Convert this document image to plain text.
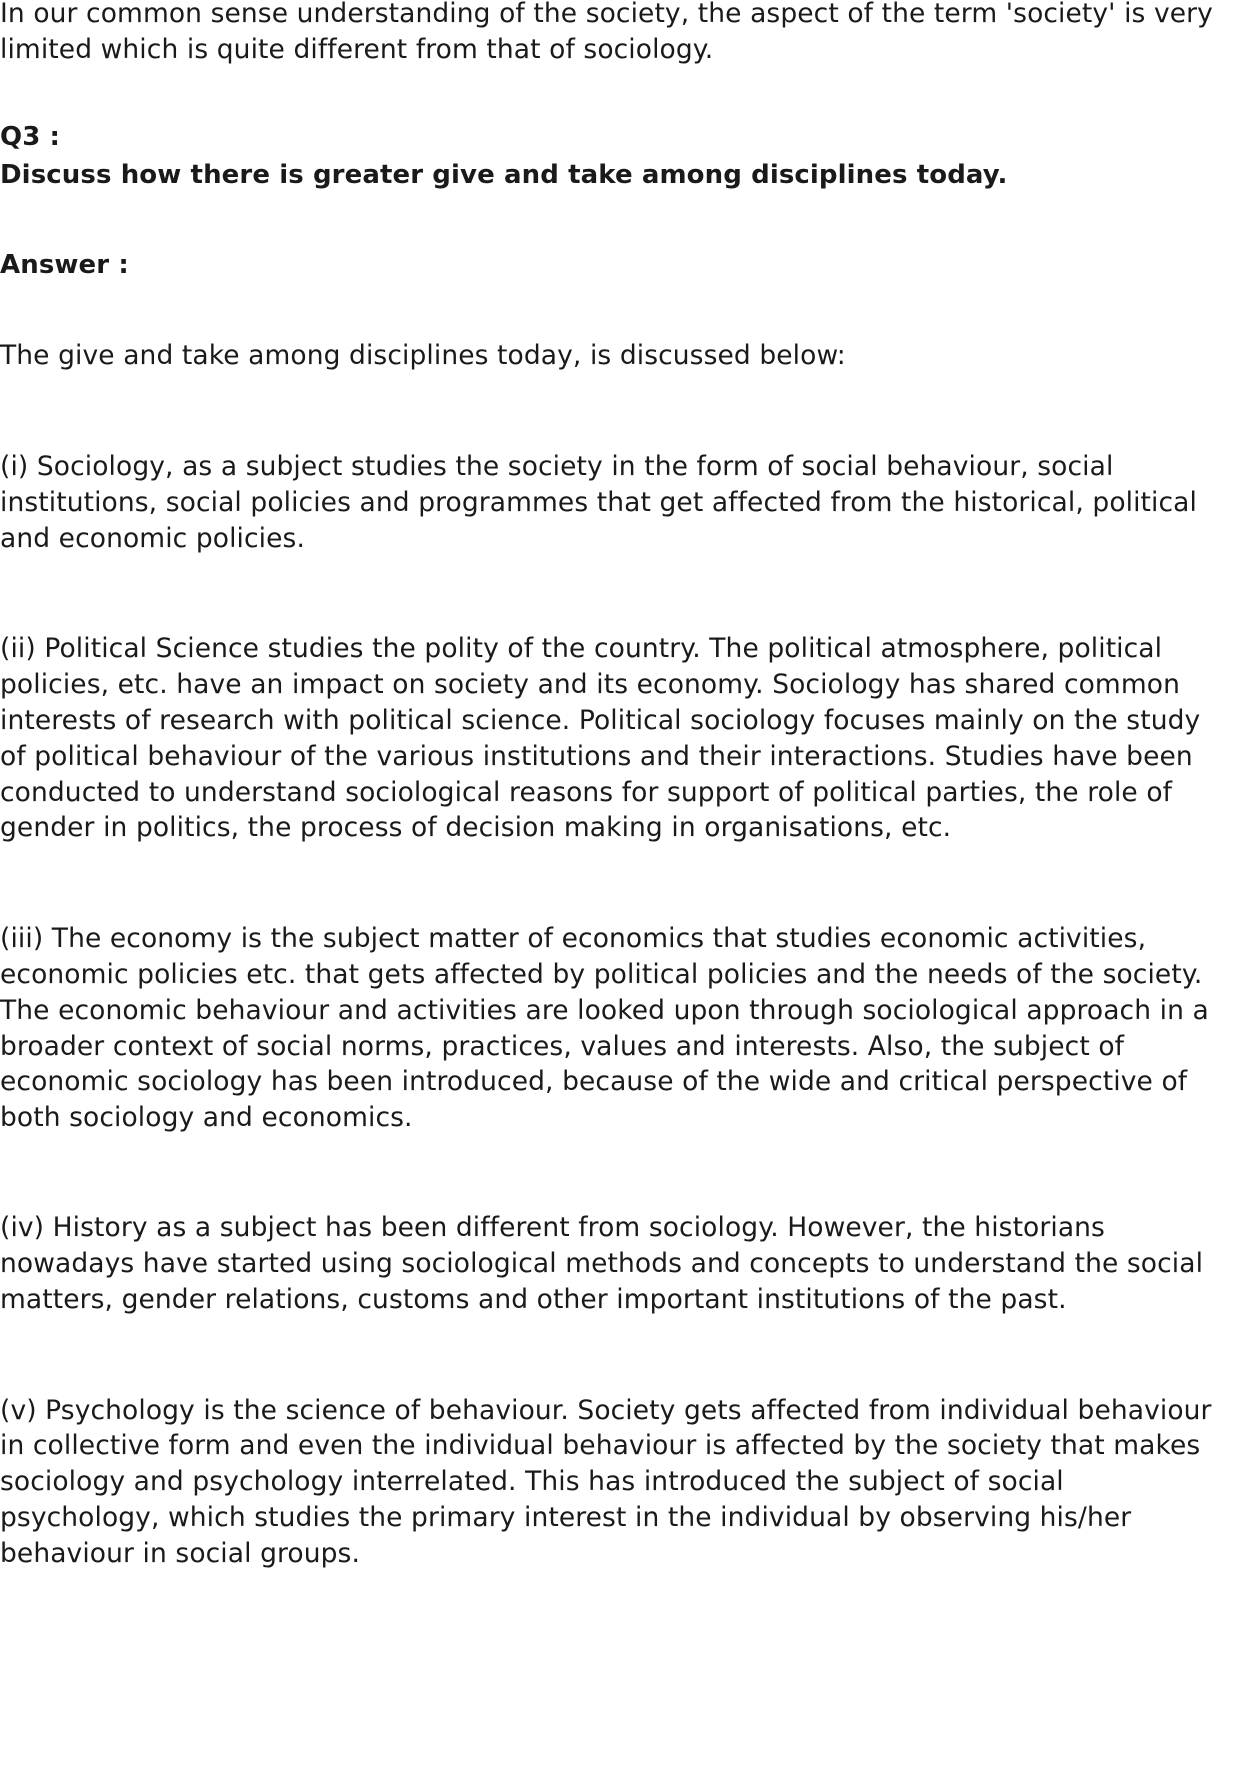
In our common sense understanding of the society, the aspect of the term 'society' is very

limited which is quite different from that of sociology.

Q3 :

Discuss how there is greater give and take among disciplines today.

Answer :

The give and take among disciplines today, is discussed below:

(i) Sociology, as a subject studies the society in the form of social behaviour, social

institutions, social policies and programmes that get affected from the historical, political

and economic policies.

(ii) Political Science studies the polity of the country. The political atmosphere, political

policies, etc. have an impact on society and its economy. Sociology has shared common

interests of research with political science. Political sociology focuses mainly on the study

of political behaviour of the various institutions and their interactions. Studies have been

conducted to understand sociological reasons for support of political parties, the role of

gender in politics, the process of decision making in organisations, etc.

(iii) The economy is the subject matter of economics that studies economic activities,

economic policies etc. that gets affected by political policies and the needs of the society.

The economic behaviour and activities are looked upon through sociological approach in a

broader context of social norms, practices, values and interests. Also, the subject of

economic sociology has been introduced, because of the wide and critical perspective of

both sociology and economics.

(iv) History as a subject has been different from sociology. However, the historians

nowadays have started using sociological methods and concepts to understand the social

matters, gender relations, customs and other important institutions of the past.

(v) Psychology is the science of behaviour. Society gets affected from individual behaviour

in collective form and even the individual behaviour is affected by the society that makes

sociology and psychology interrelated. This has introduced the subject of social

psychology, which studies the primary interest in the individual by observing his/her

behaviour in social groups.
